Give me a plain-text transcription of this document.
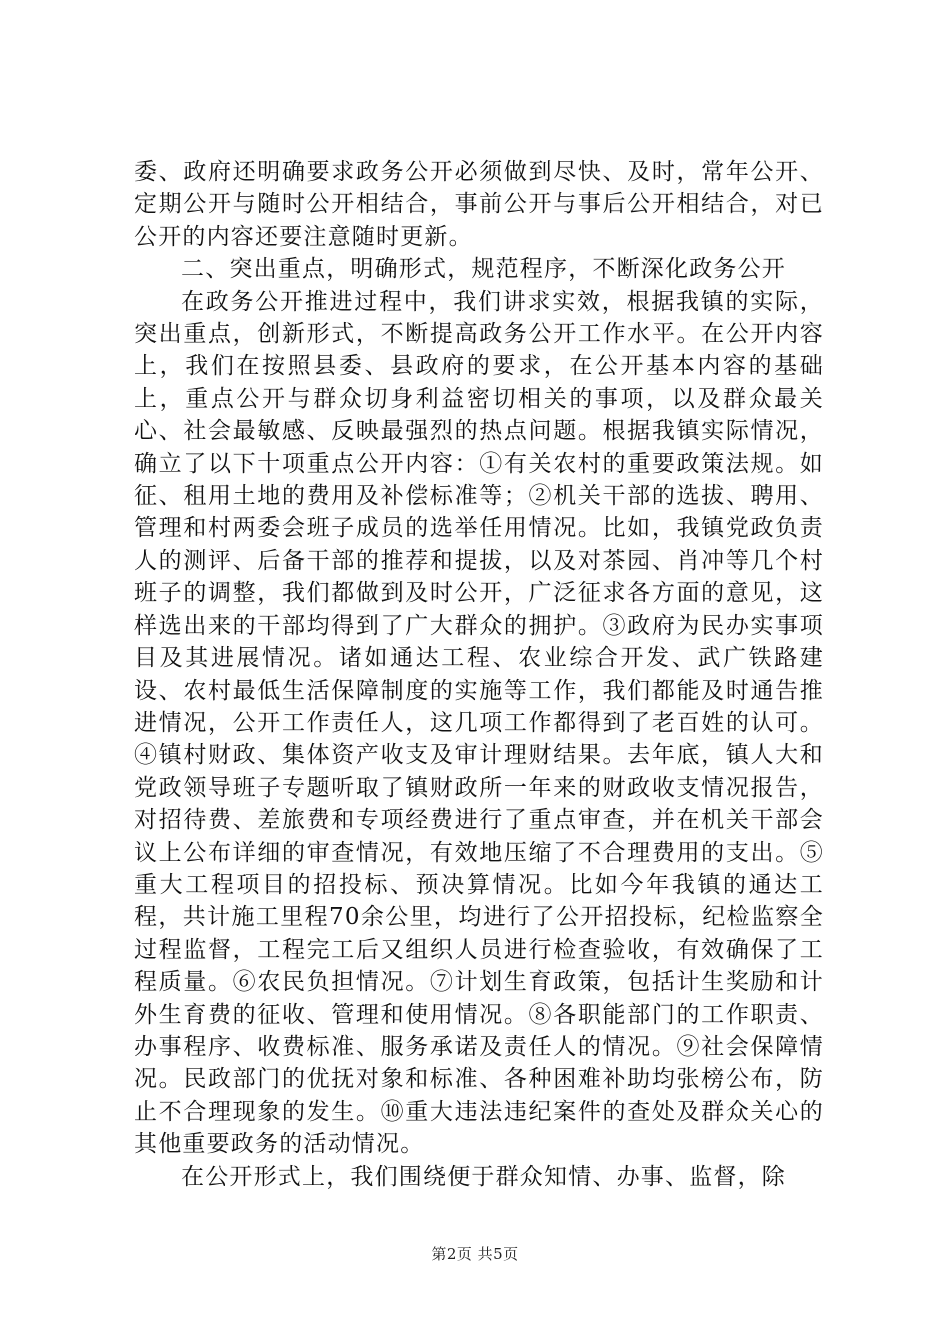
委、政府还明确要求政务公开必须做到尽快、及时，常年公开、定期公开与随时公开相结合，事前公开与事后公开相结合，对已公开的内容还要注意随时更新。

二、突出重点，明确形式，规范程序，不断深化政务公开

在政务公开推进过程中，我们讲求实效，根据我镇的实际，突出重点，创新形式，不断提高政务公开工作水平。在公开内容上，我们在按照县委、县政府的要求，在公开基本内容的基础上，重点公开与群众切身利益密切相关的事项，以及群众最关心、社会最敏感、反映最强烈的热点问题。根据我镇实际情况，确立了以下十项重点公开内容：①有关农村的重要政策法规。如征、租用土地的费用及补偿标准等；②机关干部的选拔、聘用、管理和村两委会班子成员的选举任用情况。比如，我镇党政负责人的测评、后备干部的推荐和提拔，以及对茶园、肖冲等几个村班子的调整，我们都做到及时公开，广泛征求各方面的意见，这样选出来的干部均得到了广大群众的拥护。③政府为民办实事项目及其进展情况。诸如通达工程、农业综合开发、武广铁路建设、农村最低生活保障制度的实施等工作，我们都能及时通告推进情况，公开工作责任人，这几项工作都得到了老百姓的认可。④镇村财政、集体资产收支及审计理财结果。去年底，镇人大和党政领导班子专题听取了镇财政所一年来的财政收支情况报告，对招待费、差旅费和专项经费进行了重点审查，并在机关干部会议上公布详细的审查情况，有效地压缩了不合理费用的支出。⑤重大工程项目的招投标、预决算情况。比如今年我镇的通达工程，共计施工里程70余公里，均进行了公开招投标，纪检监察全过程监督，工程完工后又组织人员进行检查验收，有效确保了工程质量。⑥农民负担情况。⑦计划生育政策，包括计生奖励和计外生育费的征收、管理和使用情况。⑧各职能部门的工作职责、办事程序、收费标准、服务承诺及责任人的情况。⑨社会保障情况。民政部门的优抚对象和标准、各种困难补助均张榜公布，防止不合理现象的发生。⑩重大违法违纪案件的查处及群众关心的其他重要政务的活动情况。

在公开形式上，我们围绕便于群众知情、办事、监督，除

第2页 共5页
